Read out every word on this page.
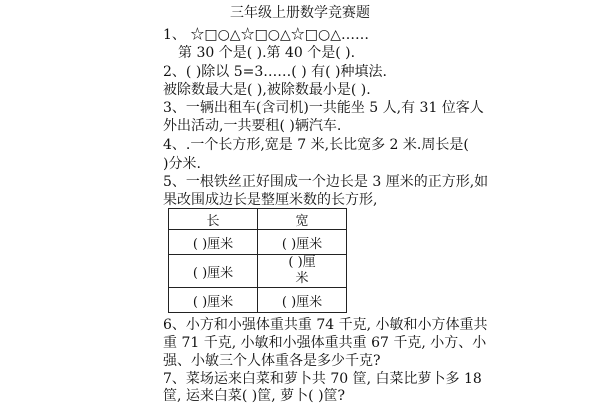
三年级上册数学竞赛题
1、 ☆□○△☆□○△☆□○△……
第 30 个是( ).第 40 个是( ).
2、( )除以 5=3……( ) 有( )种填法.
被除数最大是( ),被除数最小是( ).
3、一辆出租车(含司机)一共能坐 5 人,有 31 位客人
外出活动,一共要租( )辆汽车.
4、.一个长方形,宽是 7 米,长比宽多 2 米.周长是(
)分米.
5、一根铁丝正好围成一个边长是 3 厘米的正方形,如
果改围成边长是整厘米数的长方形,
长	宽
( )厘米	( )厘米
( )厘米	( )厘
米
( )厘米	( )厘米
6、小方和小强体重共重 74 千克, 小敏和小方体重共
重 71 千克, 小敏和小强体重共重 67 千克, 小方、小
强、小敏三个人体重各是多少千克?
7、菜场运来白菜和萝卜共 70 筐, 白菜比萝卜多 18
筐, 运来白菜( )筐, 萝卜( )筐?
